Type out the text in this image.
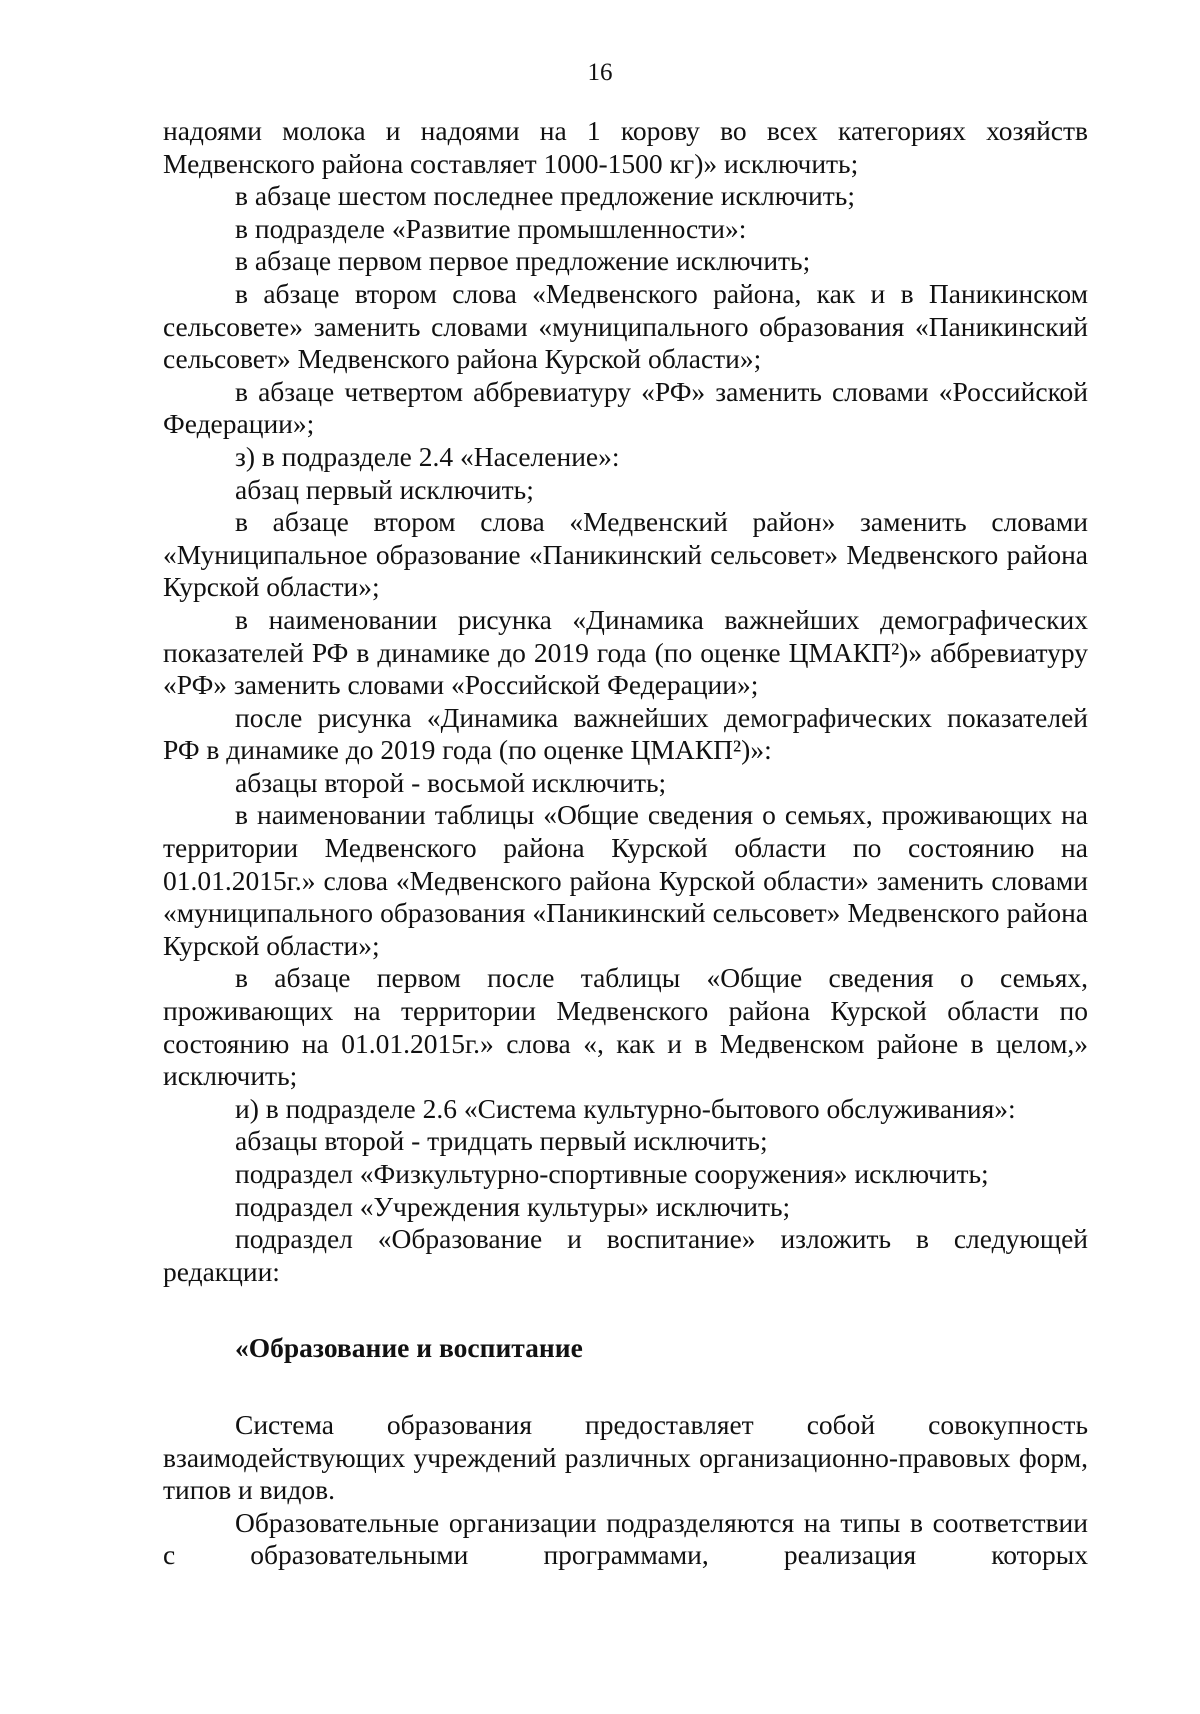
16

надоями молока и надоями на 1 корову во всех категориях хозяйств Медвенского района составляет 1000-1500 кг)» исключить;

в абзаце шестом последнее предложение исключить;

в подразделе «Развитие промышленности»:

в абзаце первом первое предложение исключить;

в абзаце втором слова «Медвенского района, как и в Паникинском сельсовете» заменить словами «муниципального образования «Паникинский сельсовет» Медвенского района Курской области»;

в абзаце четвертом аббревиатуру «РФ» заменить словами «Российской Федерации»;

з) в подразделе 2.4 «Население»:

абзац первый исключить;

в абзаце втором слова «Медвенский район» заменить словами «Муниципальное образование «Паникинский сельсовет» Медвенского района Курской области»;

в наименовании рисунка «Динамика важнейших демографических показателей РФ в динамике до 2019 года (по оценке ЦМАКП²)» аббревиатуру «РФ» заменить словами «Российской Федерации»;

после рисунка «Динамика важнейших демографических показателей РФ в динамике до 2019 года (по оценке ЦМАКП²)»:

абзацы второй - восьмой исключить;

в наименовании таблицы «Общие сведения о семьях, проживающих на территории Медвенского района Курской области по состоянию на 01.01.2015г.» слова «Медвенского района Курской области» заменить словами «муниципального образования «Паникинский сельсовет» Медвенского района Курской области»;

в абзаце первом после таблицы «Общие сведения о семьях, проживающих на территории Медвенского района Курской области по состоянию на 01.01.2015г.» слова «, как и в Медвенском районе в целом,» исключить;

и) в подразделе 2.6 «Система культурно-бытового обслуживания»:

абзацы второй - тридцать первый исключить;

подраздел «Физкультурно-спортивные сооружения» исключить;

подраздел «Учреждения культуры» исключить;

подраздел «Образование и воспитание» изложить в следующей редакции:

«Образование и воспитание

Система образования предоставляет собой совокупность взаимодействующих учреждений различных организационно-правовых форм, типов и видов.

Образовательные организации подразделяются на типы в соответствии с образовательными программами, реализация которых
